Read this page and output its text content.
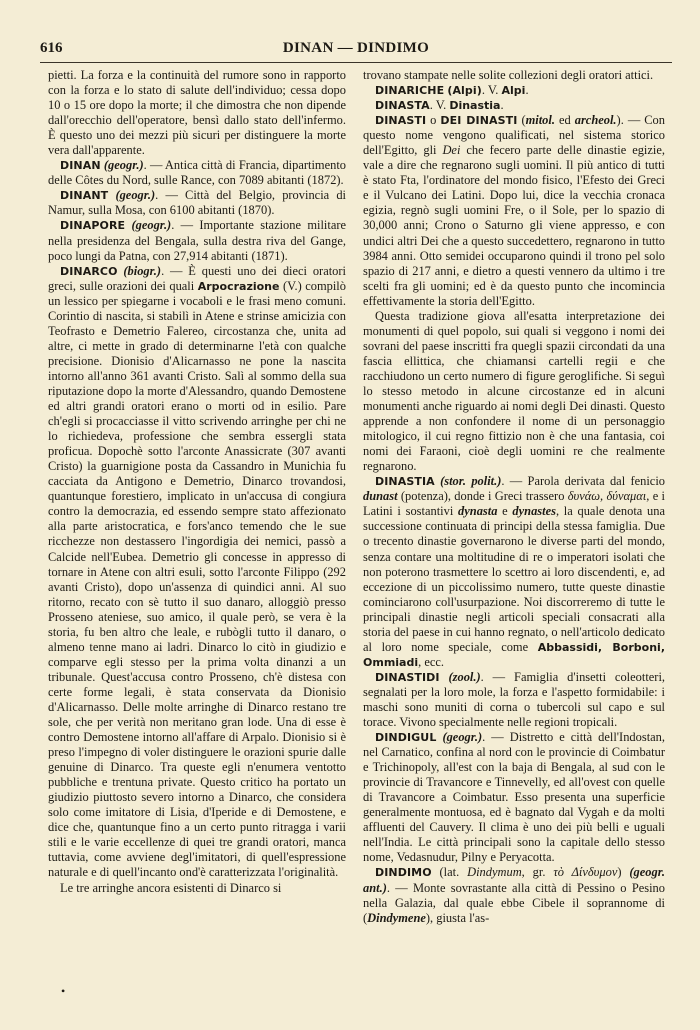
616	DINAN — DINDIMO

pietti. La forza e la continuità del rumore sono in rapporto con la forza e lo stato di salute dell'individuo; cessa dopo 10 o 15 ore dopo la morte; il che dimostra che non dipende dall'orecchio dell'operatore, bensì dallo stato dell'infermo. È questo uno dei mezzi più sicuri per distinguere la morte vera dall'apparente.

DINAN (geogr.). — Antica città di Francia, dipartimento delle Côtes du Nord, sulle Rance, con 7089 abitanti (1872).

DINANT (geogr.). — Città del Belgio, provincia di Namur, sulla Mosa, con 6100 abitanti (1870).

DINAPORE (geogr.). — Importante stazione militare nella presidenza del Bengala, sulla destra riva del Gange, poco lungi da Patna, con 27,914 abitanti (1871).

DINARCO (biogr.). — È questi uno dei dieci oratori greci, sulle orazioni dei quali Arpocrazione (V.) compilò un lessico per spiegarne i vocaboli e le frasi meno comuni. Corintio di nascita, si stabilì in Atene e strinse amicizia con Teofrasto e Demetrio Falereo, circostanza che, unita ad altre, ci mette in grado di determinarne l'età con qualche precisione. Dionisio d'Alicarnasso ne pone la nascita intorno all'anno 361 avanti Cristo. Salì al sommo della sua riputazione dopo la morte d'Alessandro, quando Demostene ed altri grandi oratori erano o morti od in esilio. Pare ch'egli si procacciasse il vitto scrivendo arringhe per chi ne lo richiedeva, professione che sembra essergli stata proficua. Dopochè sotto l'arconte Anassicrate (307 avanti Cristo) la guarnigione posta da Cassandro in Munichia fu cacciata da Antigono e Demetrio, Dinarco trovandosi, quantunque forestiero, implicato in un'accusa di congiura contro la democrazia, ed essendo sempre stato affezionato alla parte aristocratica, e fors'anco temendo che le sue ricchezze non destassero l'ingordigia dei nemici, passò a Calcide nell'Eubea. Demetrio gli concesse in appresso di tornare in Atene con altri esuli, sotto l'arconte Filippo (292 avanti Cristo), dopo un'assenza di quindici anni. Al suo ritorno, recato con sè tutto il suo danaro, alloggiò presso Prosseno ateniese, suo amico, il quale però, se vera è la storia, fu ben altro che leale, e rubògli tutto il danaro, o almeno tenne mano ai ladri. Dinarco lo citò in giudizio e comparve egli stesso per la prima volta dinanzi a un tribunale. Quest'accusa contro Prosseno, ch'è distesa con certe forme legali, è stata conservata da Dionisio d'Alicarnasso. Delle molte arringhe di Dinarco restano tre sole, che per verità non meritano gran lode. Una di esse è contro Demostene intorno all'affare di Arpalo. Dionisio si è preso l'impegno di voler distinguere le orazioni spurie dalle genuine di Dinarco. Tra queste egli n'enumera ventotto pubbliche e trentuna private. Questo critico ha portato un giudizio piuttosto severo intorno a Dinarco, che considera solo come imitatore di Lisia, d'Iperide e di Demostene, e dice che, quantunque fino a un certo punto ritragga i varii stili e le varie eccellenze di quei tre grandi oratori, manca tuttavia, come avviene degl'imitatori, di quell'espressione naturale e di quell'incanto ond'è caratterizzata l'originalità.

Le tre arringhe ancora esistenti di Dinarco si

•

trovano stampate nelle solite collezioni degli oratori attici.

DINARICHE (Alpi). V. Alpi.

DINASTA. V. Dinastia.

DINASTI o DEI DINASTI (mitol. ed archeol.). — Con questo nome vengono qualificati, nel sistema storico dell'Egitto, gli Dei che fecero parte delle dinastie egizie, vale a dire che regnarono sugli uomini. Il più antico di tutti è stato Fta, l'ordinatore del mondo fisico, l'Efesto dei Greci e il Vulcano dei Latini. Dopo lui, dice la vecchia cronaca egizia, regnò sugli uomini Fre, o il Sole, per lo spazio di 30,000 anni; Crono o Saturno gli viene appresso, e con undici altri Dei che a questo succedettero, regnarono in tutto 3984 anni. Otto semidei occuparono quindi il trono pel solo spazio di 217 anni, e dietro a questi vennero da ultimo i tre scelti fra gli uomini; ed è da questo punto che incomincia effettivamente la storia dell'Egitto.

Questa tradizione giova all'esatta interpretazione dei monumenti di quel popolo, sui quali si veggono i nomi dei sovrani del paese inscritti fra quegli spazii circondati da una fascia ellittica, che chiamansi cartelli regii e che racchiudono un certo numero di figure geroglifiche. Si seguì lo stesso metodo in alcune circostanze ed in alcuni monumenti anche riguardo ai nomi degli Dei dinasti. Questo apprende a non confondere il nome di un personaggio mitologico, il cui regno fittizio non è che una fantasia, coi nomi dei Faraoni, cioè degli uomini re che realmente regnarono.

DINASTIA (stor. polit.). — Parola derivata dal fenicio dunast (potenza), donde i Greci trassero δυνάω, δύναμαι, e i Latini i sostantivi dynasta e dynastes, la quale denota una successione continuata di principi della stessa famiglia. Due o trecento dinastie governarono le diverse parti del mondo, senza contare una moltitudine di re o imperatori isolati che non poterono trasmettere lo scettro ai loro discendenti, e, ad eccezione di un piccolissimo numero, tutte queste dinastie cominciarono coll'usurpazione. Noi discorreremo di tutte le principali dinastie negli articoli speciali consacrati alla storia del paese in cui hanno regnato, o nell'articolo dedicato al loro nome speciale, come Abbassidi, Borboni, Ommiadi, ecc.

DINASTIDI (zool.). — Famiglia d'insetti coleotteri, segnalati per la loro mole, la forza e l'aspetto formidabile: i maschi sono muniti di corna o tubercoli sul capo e sul torace. Vivono specialmente nelle regioni tropicali.

DINDIGUL (geogr.). — Distretto e città dell'Indostan, nel Carnatico, confina al nord con le provincie di Coimbatur e Trichinopoly, all'est con la baja di Bengala, al sud con le provincie di Travancore e Tinnevelly, ed all'ovest con quelle di Travancore a Coimbatur. Esso presenta una superficie generalmente montuosa, ed è bagnato dal Vygah e da molti affluenti del Cauvery. Il clima è uno dei più belli e uguali nell'India. Le città principali sono la capitale dello stesso nome, Vedasnudur, Pilny e Peryacotta.

DINDIMO (lat. Dindymum, gr. τὸ Δίνδυμον) (geogr. ant.). — Monte sovrastante alla città di Pessino o Pesino nella Galazia, dal quale ebbe Cibele il soprannome di (Dindymene), giusta l'as-
